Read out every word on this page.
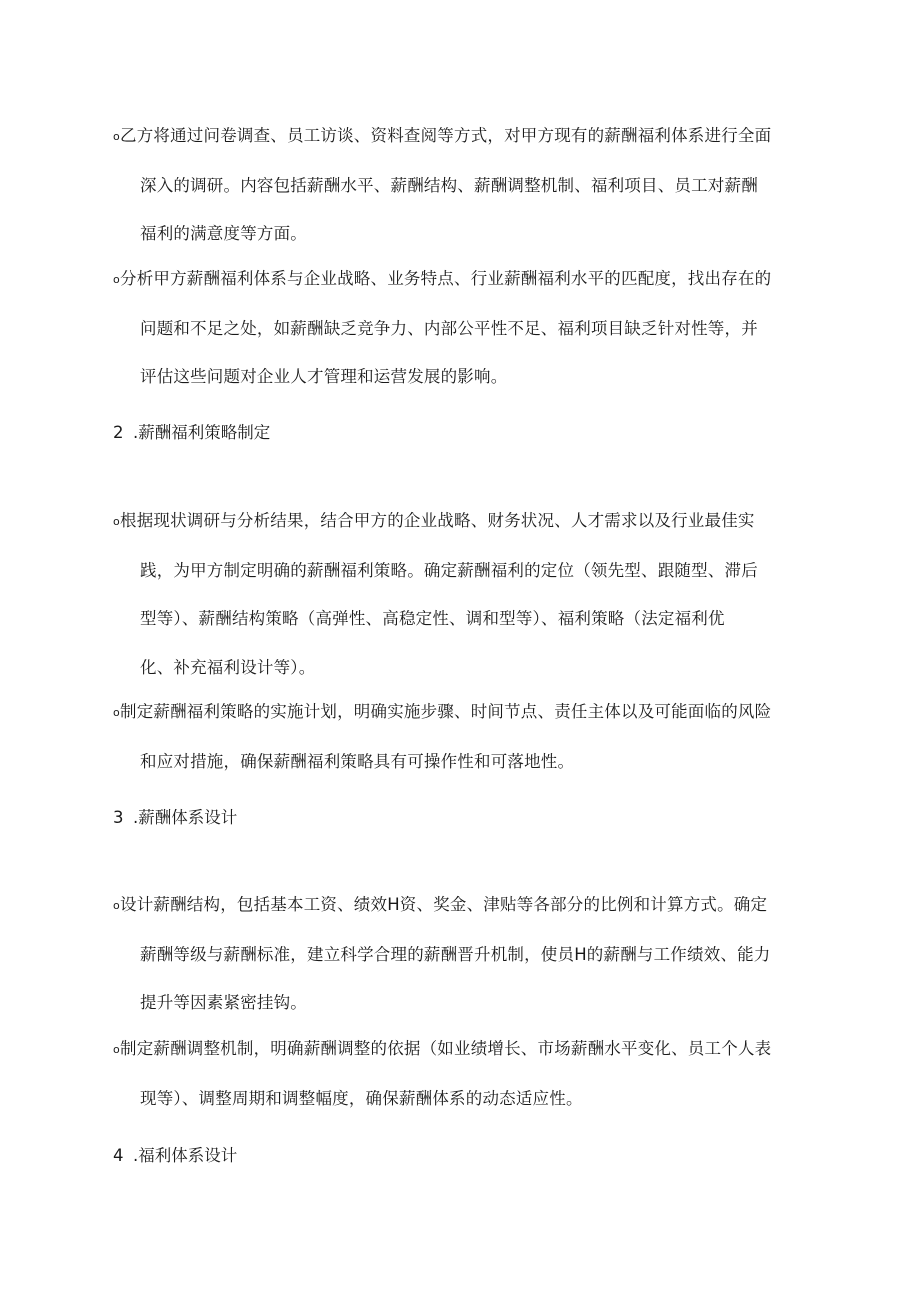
o乙方将通过问卷调查、员工访谈、资料查阅等方式，对甲方现有的薪酬福利体系进行全面
深入的调研。内容包括薪酬水平、薪酬结构、薪酬调整机制、福利项目、员工对薪酬
福利的满意度等方面。
o分析甲方薪酬福利体系与企业战略、业务特点、行业薪酬福利水平的匹配度，找出存在的
问题和不足之处，如薪酬缺乏竞争力、内部公平性不足、福利项目缺乏针对性等，并
评估这些问题对企业人才管理和运营发展的影响。
2 .薪酬福利策略制定
o根据现状调研与分析结果，结合甲方的企业战略、财务状况、人才需求以及行业最佳实
践，为甲方制定明确的薪酬福利策略。确定薪酬福利的定位（领先型、跟随型、滞后
型等）、薪酬结构策略（高弹性、高稳定性、调和型等）、福利策略（法定福利优
化、补充福利设计等）。
o制定薪酬福利策略的实施计划，明确实施步骤、时间节点、责任主体以及可能面临的风险
和应对措施，确保薪酬福利策略具有可操作性和可落地性。
3 .薪酬体系设计
o设计薪酬结构，包括基本工资、绩效H资、奖金、津贴等各部分的比例和计算方式。确定
薪酬等级与薪酬标准，建立科学合理的薪酬晋升机制，使员H的薪酬与工作绩效、能力
提升等因素紧密挂钩。
o制定薪酬调整机制，明确薪酬调整的依据（如业绩增长、市场薪酬水平变化、员工个人表
现等）、调整周期和调整幅度，确保薪酬体系的动态适应性。
4 .福利体系设计
